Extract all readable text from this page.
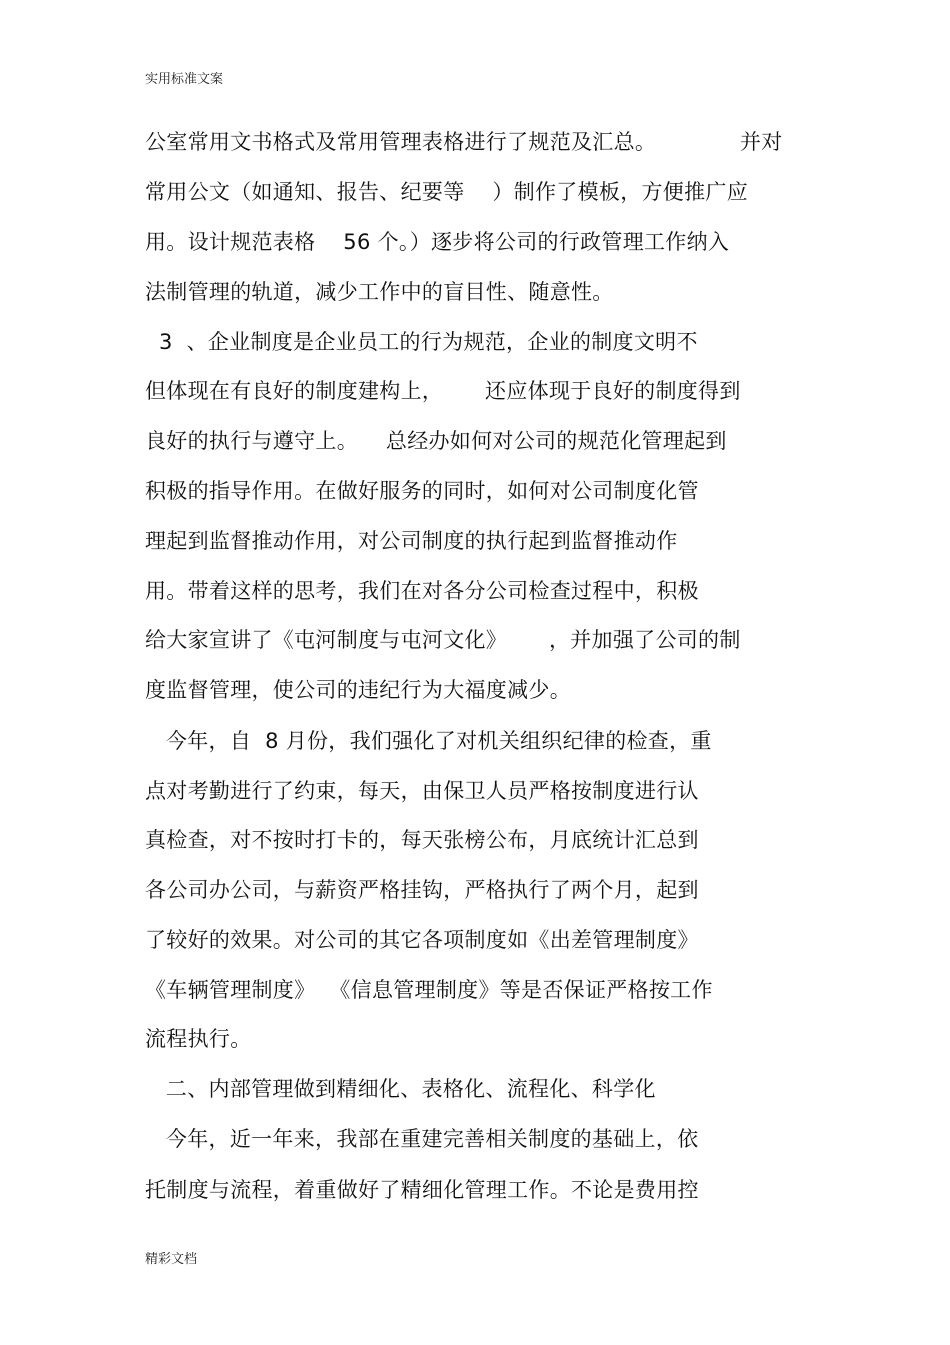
实用标准文案
公室常用文书格式及常用管理表格进行了规范及汇总。            并对
常用公文（如通知、报告、纪要等    ）制作了模板，方便推广应
用。设计规范表格    56 个。）逐步将公司的行政管理工作纳入
法制管理的轨道，减少工作中的盲目性、随意性。
3  、企业制度是企业员工的行为规范，企业的制度文明不
但体现在有良好的制度建构上，      还应体现于良好的制度得到
良好的执行与遵守上。    总经办如何对公司的规范化管理起到
积极的指导作用。在做好服务的同时，如何对公司制度化管
理起到监督推动作用，对公司制度的执行起到监督推动作
用。带着这样的思考，我们在对各分公司检查过程中，积极
给大家宣讲了《屯河制度与屯河文化》      ，并加强了公司的制
度监督管理，使公司的违纪行为大福度减少。
今年，自  8 月份，我们强化了对机关组织纪律的检查，重
点对考勤进行了约束，每天，由保卫人员严格按制度进行认
真检查，对不按时打卡的，每天张榜公布，月底统计汇总到
各公司办公司，与薪资严格挂钩，严格执行了两个月，起到
了较好的效果。对公司的其它各项制度如《出差管理制度》
《车辆管理制度》  《信息管理制度》等是否保证严格按工作
流程执行。
二、内部管理做到精细化、表格化、流程化、科学化
今年，近一年来，我部在重建完善相关制度的基础上，依
托制度与流程，着重做好了精细化管理工作。不论是费用控
精彩文档
